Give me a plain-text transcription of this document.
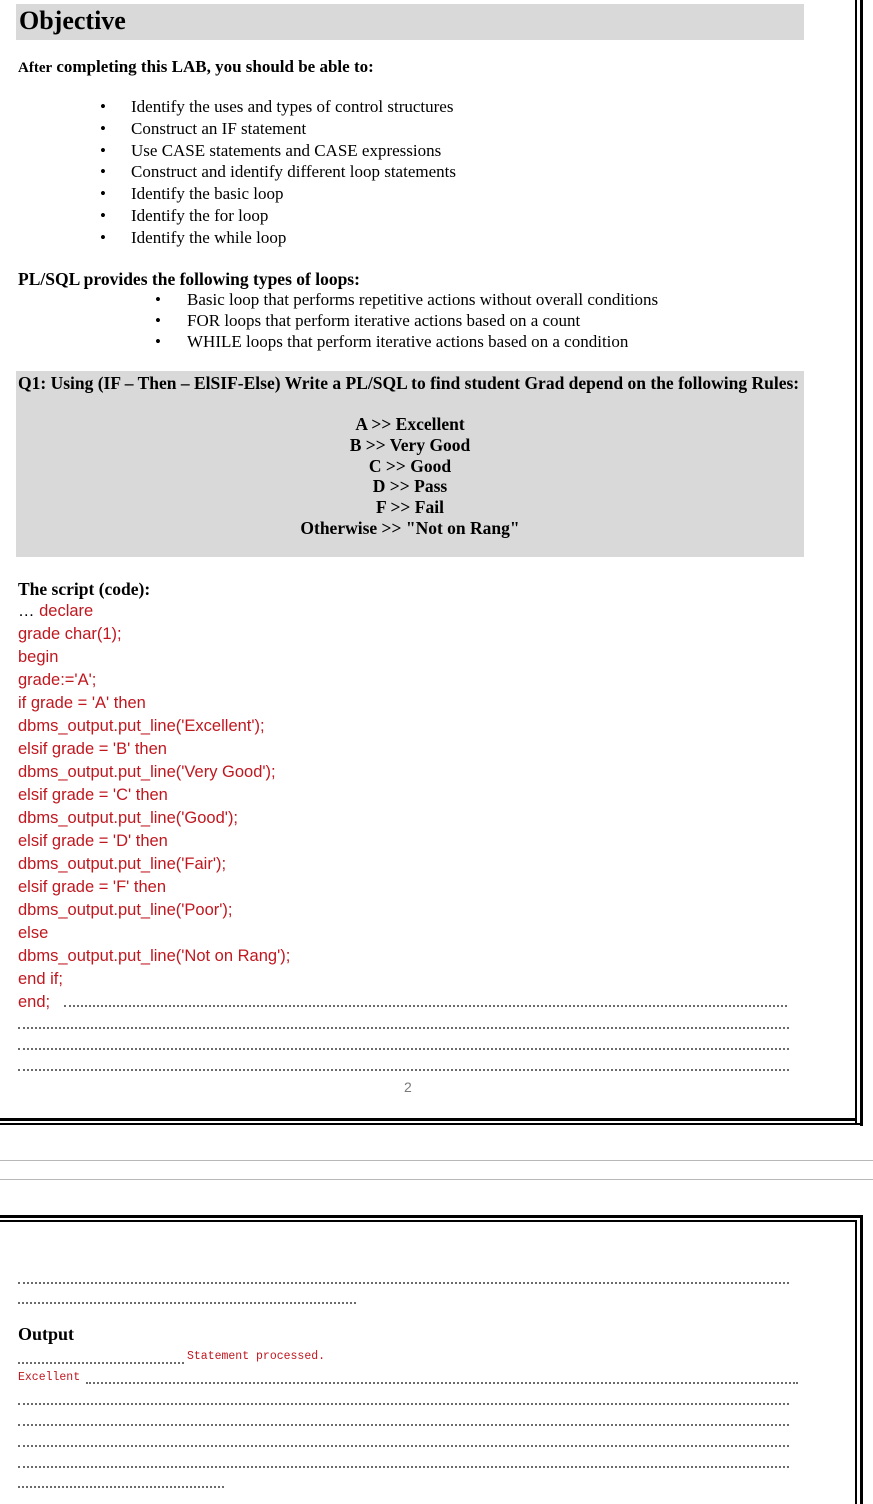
Objective
After completing this LAB, you should be able to:
• Identify the uses and types of control structures
• Construct an IF statement
• Use CASE statements and CASE expressions
• Construct and identify different loop statements
• Identify the basic loop
• Identify the for loop
• Identify the while loop
PL/SQL provides the following types of loops:
• Basic loop that performs repetitive actions without overall conditions
• FOR loops that perform iterative actions based on a count
• WHILE loops that perform iterative actions based on a condition
Q1: Using (IF – Then – ElSIF-Else) Write a PL/SQL to find student Grad depend on the following Rules:
A >> Excellent
B >> Very Good
C >> Good
D >> Pass
F >> Fail
Otherwise >> "Not on Rang"
The script (code):
… declare
grade char(1);
begin
grade:='A';
if grade = 'A' then
dbms_output.put_line('Excellent');
elsif grade = 'B' then
dbms_output.put_line('Very Good');
elsif grade = 'C' then
dbms_output.put_line('Good');
elsif grade = 'D' then
dbms_output.put_line('Fair');
elsif grade = 'F' then
dbms_output.put_line('Poor');
else
dbms_output.put_line('Not on Rang');
end if;
end;
2
Output
Statement processed.
Excellent
